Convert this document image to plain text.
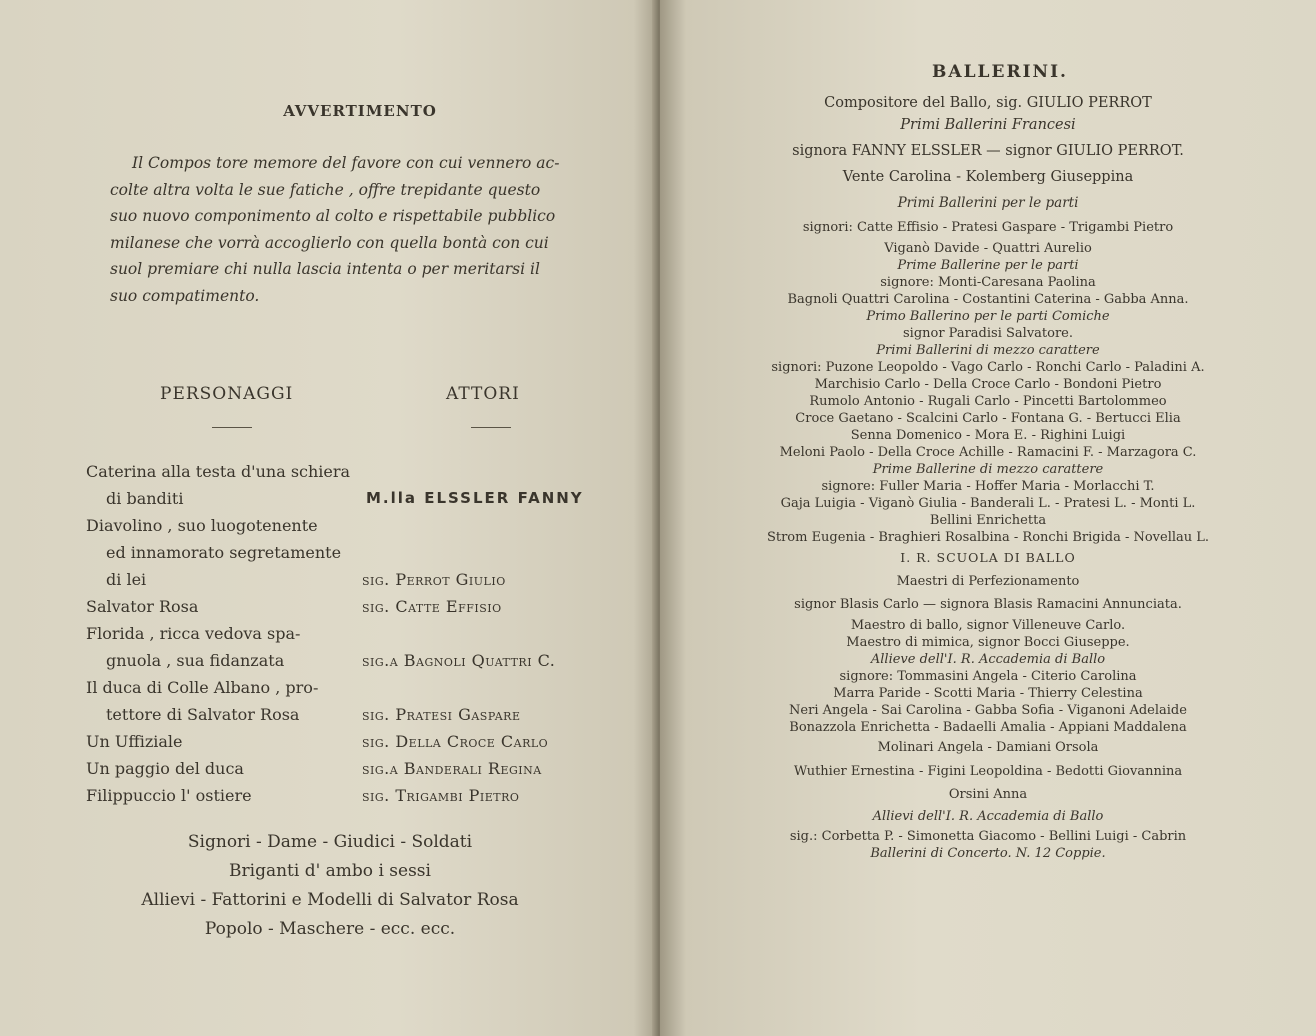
AVVERTIMENTO
Il Compos tore memore del favore con cui vennero ac-
colte altra volta le sue fatiche , offre trepidante questo
suo nuovo componimento al colto e rispettabile pubblico
milanese che vorrà accoglierlo con quella bontà con cui
suol premiare chi nulla lascia intenta o per meritarsi il
suo compatimento.
PERSONAGGI	ATTORI
Caterina alla testa d'una schiera
di banditi	M.lla ELSSLER FANNY
Diavolino , suo luogotenente
ed innamorato segretamente
di lei	sig. Perrot Giulio
Salvator Rosa	sig. Catte Effisio
Florida , ricca vedova spa-
gnuola , sua fidanzata	sig.a Bagnoli Quattri C.
Il duca di Colle Albano , pro-
tettore di Salvator Rosa	sig. Pratesi Gaspare
Un Uffiziale	sig. Della Croce Carlo
Un paggio del duca	sig.a Banderali Regina
Filippuccio l' ostiere	sig. Trigambi Pietro
Signori - Dame - Giudici - Soldati
Briganti d' ambo i sessi
Allievi - Fattorini e Modelli di Salvator Rosa
Popolo - Maschere - ecc. ecc.
BALLERINI.
Compositore del Ballo, sig. GIULIO PERROT
Primi Ballerini Francesi
signora FANNY ELSSLER — signor GIULIO PERROT.
Vente Carolina - Kolemberg Giuseppina
Primi Ballerini per le parti
signori: Catte Effisio - Pratesi Gaspare - Trigambi Pietro
Viganò Davide - Quattri Aurelio
Prime Ballerine per le parti
signore: Monti-Caresana Paolina
Bagnoli Quattri Carolina - Costantini Caterina - Gabba Anna.
Primo Ballerino per le parti Comiche
signor Paradisi Salvatore.
Primi Ballerini di mezzo carattere
signori: Puzone Leopoldo - Vago Carlo - Ronchi Carlo - Paladini A.
Marchisio Carlo - Della Croce Carlo - Bondoni Pietro
Rumolo Antonio - Rugali Carlo - Pincetti Bartolommeo
Croce Gaetano - Scalcini Carlo - Fontana G. - Bertucci Elia
Senna Domenico - Mora E. - Righini Luigi
Meloni Paolo - Della Croce Achille - Ramacini F. - Marzagora C.
Prime Ballerine di mezzo carattere
signore: Fuller Maria - Hoffer Maria - Morlacchi T.
Gaja Luigia - Viganò Giulia - Banderali L. - Pratesi L. - Monti L.
Bellini Enrichetta
Strom Eugenia - Braghieri Rosalbina - Ronchi Brigida - Novellau L.
I. R. SCUOLA DI BALLO
Maestri di Perfezionamento
signor Blasis Carlo — signora Blasis Ramacini Annunciata.
Maestro di ballo, signor Villeneuve Carlo.
Maestro di mimica, signor Bocci Giuseppe.
Allieve dell'I. R. Accademia di Ballo
signore: Tommasini Angela - Citerio Carolina
Marra Paride - Scotti Maria - Thierry Celestina
Neri Angela - Sai Carolina - Gabba Sofia - Viganoni Adelaide
Bonazzola Enrichetta - Badaelli Amalia - Appiani Maddalena
Molinari Angela - Damiani Orsola
Wuthier Ernestina - Figini Leopoldina - Bedotti Giovannina
Orsini Anna
Allievi dell'I. R. Accademia di Ballo
sig.: Corbetta P. - Simonetta Giacomo - Bellini Luigi - Cabrin
Ballerini di Concerto. N. 12 Coppie.
